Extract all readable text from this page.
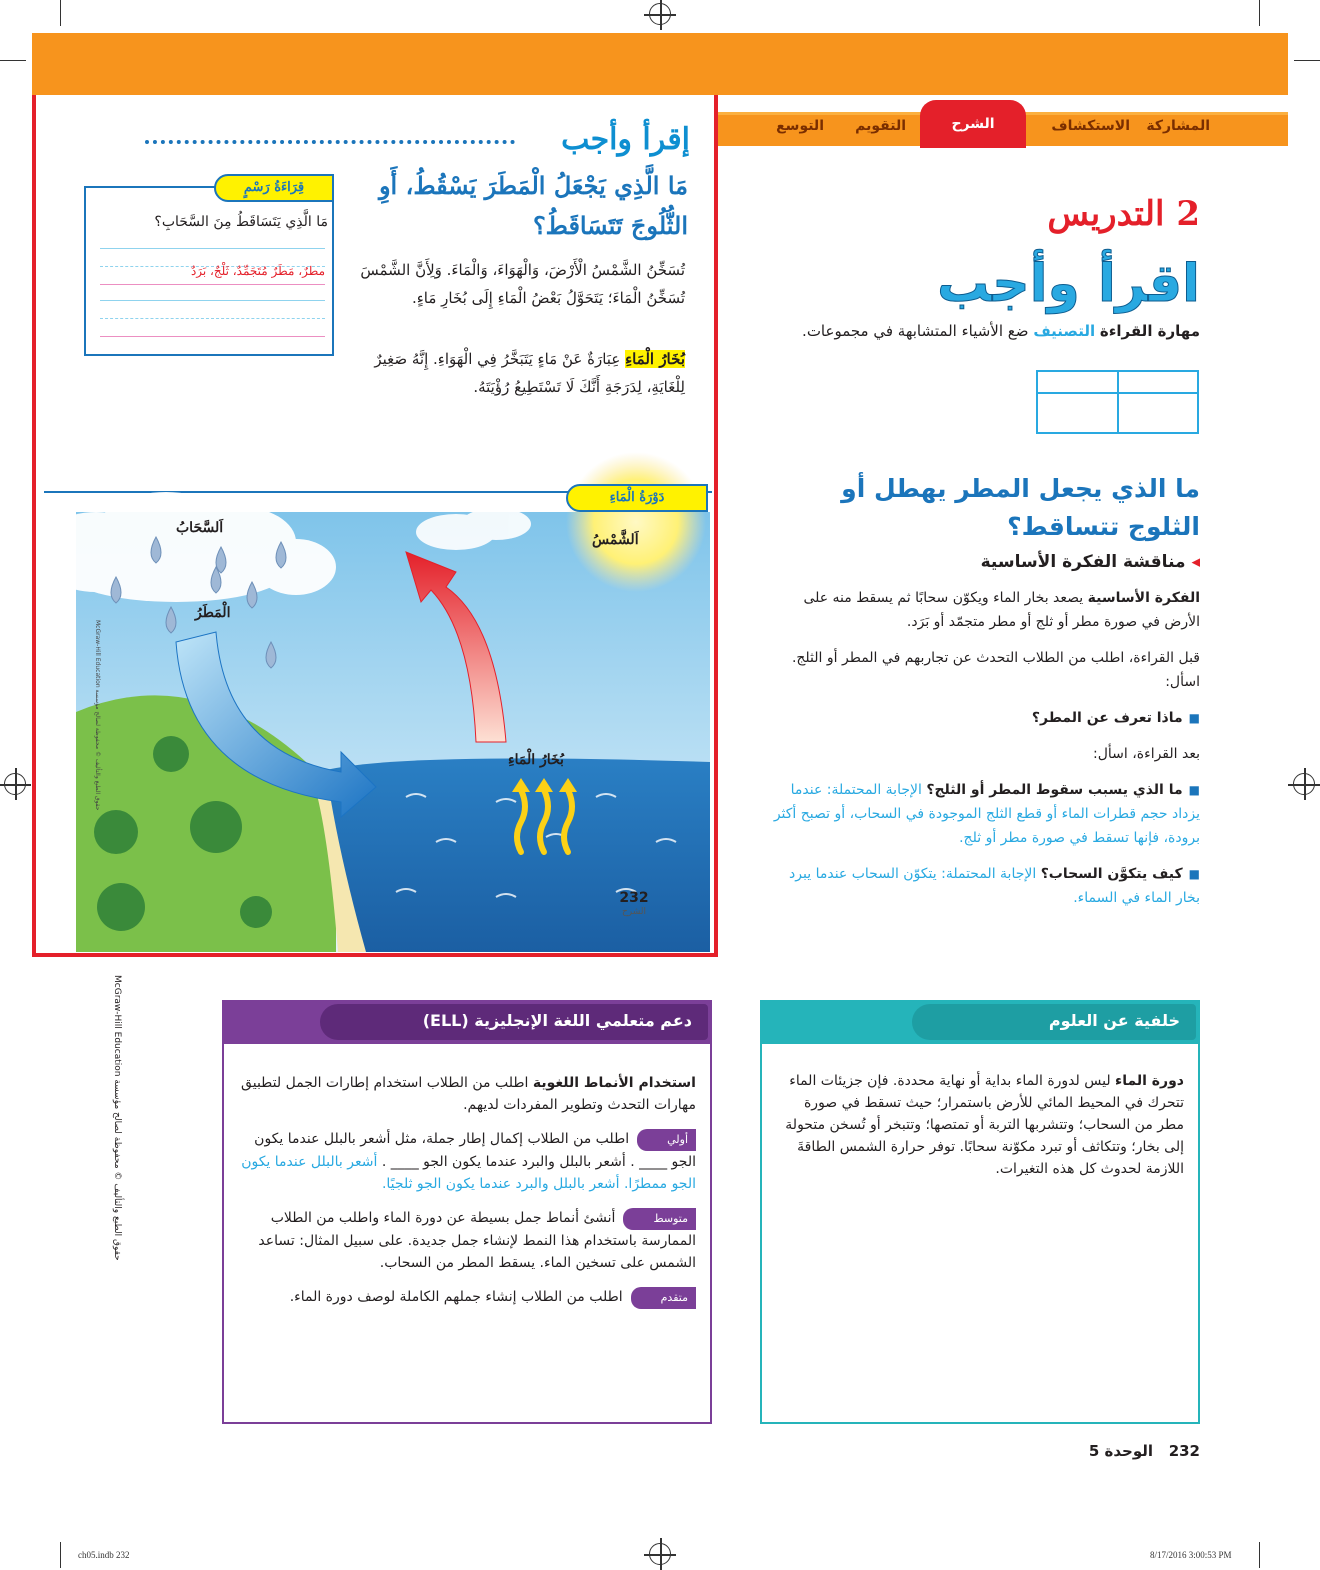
المشاركة
الاستكشاف
الشرح
التقويم
التوسع
إقرأ وأجب
مَا الَّذِي يَجْعَلُ الْمَطَرَ يَسْقُطُ، أَوِ الثُّلُوجَ تَتَسَاقَطُ؟
تُسَخِّنُ الشَّمْسُ الْأَرْضَ، وَالْهَوَاءَ، وَالْمَاءَ. وَلِأَنَّ الشَّمْسَ تُسَخِّنُ الْمَاءَ؛ يَتَحَوَّلُ بَعْضُ الْمَاءِ إِلَى بُخَارِ مَاءٍ.
بُخَارُ الْمَاءِ عِبَارَةٌ عَنْ مَاءٍ يَتَبَخَّرُ فِي الْهَوَاءِ. إِنَّهُ صَغِيرٌ لِلْغَايَةِ، لِدَرَجَةِ أَنَّكَ لَا تَسْتَطِيعُ رُؤْيَتَهُ.
قِرَاءَةُ رَسْمٍ
مَا الَّذِي يَتَسَاقَطُ مِنَ السَّحَابِ؟
مطرٌ، مَطَرٌ مُتَجَمِّدٌ، ثَلْجٌ، بَرَدٌ
دَوْرَةُ الْمَاءِ
اَلسَّحَابُ
اَلشَّمْسُ
الْمَطَرُ
بُخَارُ الْمَاءِ
232
الشرح
McGraw-Hill Education حقوق الطبع والتأليف © محفوظة لصالح مؤسسة
McGraw-Hill Education حقوق الطبع والتأليف © محفوظة لصالح مؤسسة
2 التدريس
اقرأ وأجب
مهارة القراءة التصنيف ضع الأشياء المتشابهة في مجموعات.
ما الذي يجعل المطر يهطل أو الثلوج تتساقط؟
◂ مناقشة الفكرة الأساسية

الفكرة الأساسية يصعد بخار الماء ويكوّن سحابًا ثم يسقط منه على الأرض في صورة مطر أو ثلج أو مطر متجمّد أو بَرَد.

قبل القراءة، اطلب من الطلاب التحدث عن تجاربهم في المطر أو الثلج. اسأل:

■ماذا تعرف عن المطر؟

بعد القراءة، اسأل:

■ما الذي يسبب سقوط المطر أو الثلج؟ الإجابة المحتملة: عندما يزداد حجم قطرات الماء أو قطع الثلج الموجودة في السحاب، أو تصبح أكثر برودة، فإنها تسقط في صورة مطر أو ثلج.

■كيف يتكوَّن السحاب؟ الإجابة المحتملة: يتكوّن السحاب عندما يبرد بخار الماء في السماء.

خلفية عن العلوم
دورة الماء ليس لدورة الماء بداية أو نهاية محددة. فإن جزيئات الماء تتحرك في المحيط المائي للأرض باستمرار؛ حيث تسقط في صورة مطر من السحاب؛ وتتشربها التربة أو تمتصها؛ وتتبخر أو تُسخن متحولة إلى بخار؛ وتتكاثف أو تبرد مكوّنة سحابًا. توفر حرارة الشمس الطاقةَ اللازمة لحدوث كل هذه التغيرات.
دعم متعلمي اللغة الإنجليزية (ELL)

استخدام الأنماط اللغوية اطلب من الطلاب استخدام إطارات الجمل لتطبيق مهارات التحدث وتطوير المفردات لديهم.

أولياطلب من الطلاب إكمال إطار جملة، مثل أشعر بالبلل عندما يكون الجو ____ . أشعر بالبلل والبرد عندما يكون الجو ____ . أشعر بالبلل عندما يكون الجو ممطرًا. أشعر بالبلل والبرد عندما يكون الجو ثلجيًا.

متوسطأنشئ أنماط جمل بسيطة عن دورة الماء واطلب من الطلاب الممارسة باستخدام هذا النمط لإنشاء جمل جديدة. على سبيل المثال: تساعد الشمس على تسخين الماء. يسقط المطر من السحاب.

متقدماطلب من الطلاب إنشاء جملهم الكاملة لوصف دورة الماء.

232   الوحدة 5
ch05.indb 232	8/17/2016 3:00:53 PM
